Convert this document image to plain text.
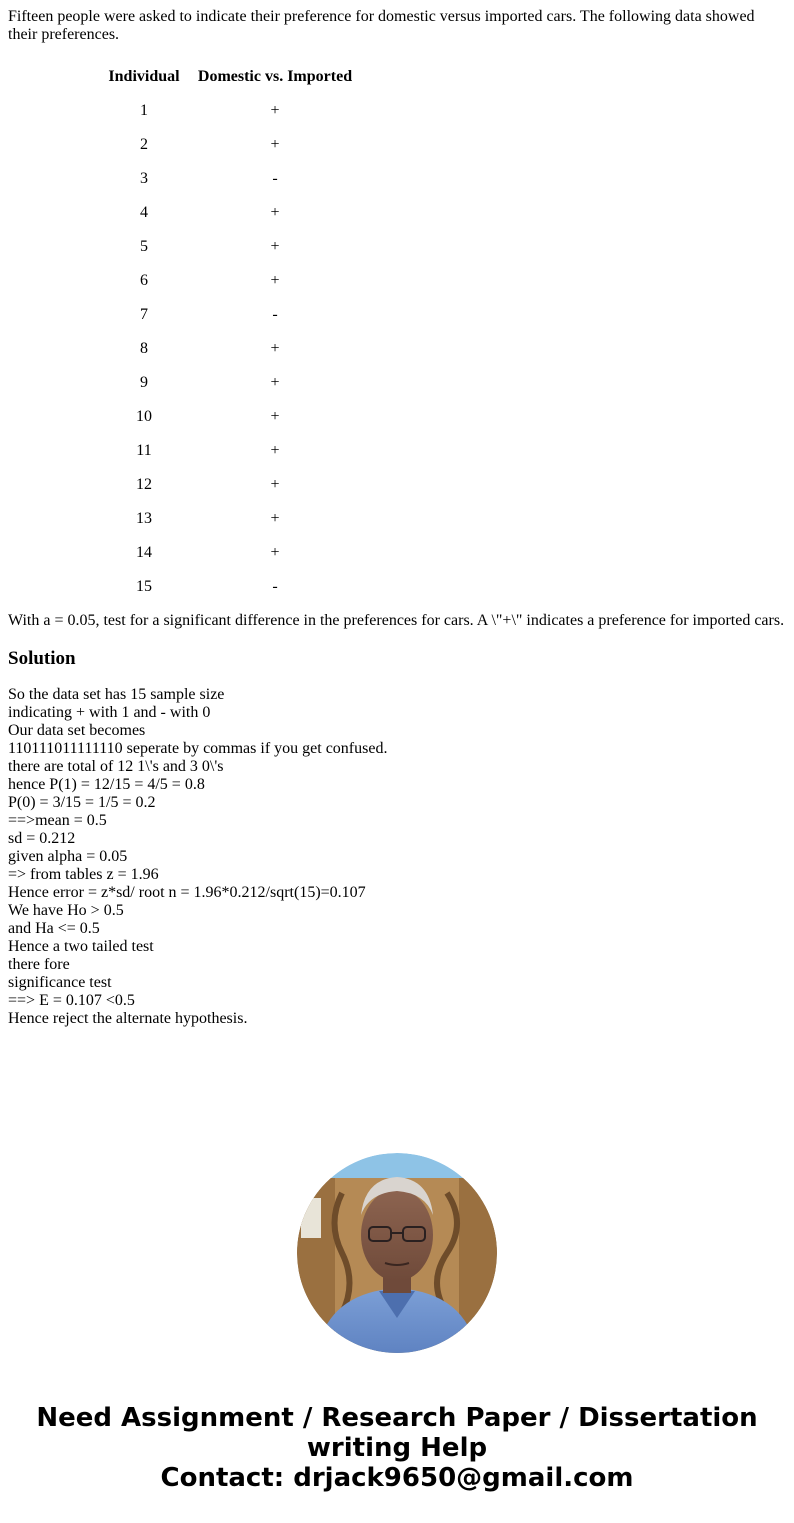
Fifteen people were asked to indicate their preference for domestic versus imported cars. The following data showed their preferences.

Individual	Domestic vs. Imported
1	+
2	+
3	-
4	+
5	+
6	+
7	-
8	+
9	+
10	+
11	+
12	+
13	+
14	+
15	-

With a = 0.05, test for a significant difference in the preferences for cars. A \"+\" indicates a preference for imported cars.

Solution
So the data set has 15 sample size
indicating + with 1 and - with 0
Our data set becomes
110111011111110 seperate by commas if you get confused.
there are total of 12 1\'s and 3 0\'s
hence P(1) = 12/15 = 4/5 = 0.8
P(0) = 3/15 = 1/5 = 0.2
==>mean = 0.5
sd = 0.212
given alpha = 0.05
=> from tables z = 1.96
Hence error = z*sd/ root n = 1.96*0.212/sqrt(15)=0.107
We have Ho > 0.5
and Ha <= 0.5
Hence a two tailed test
there fore
significance test
==> E = 0.107 <0.5
Hence reject the alternate hypothesis.
Need Assignment / Research Paper / Dissertation
writing Help
Contact: drjack9650@gmail.com
